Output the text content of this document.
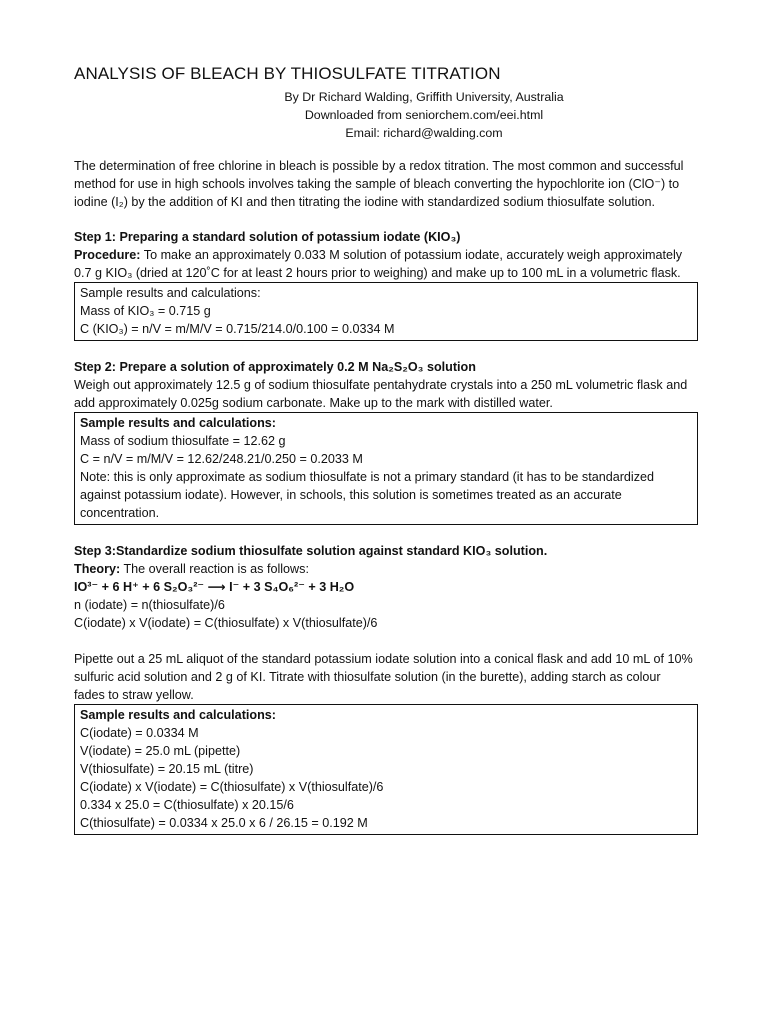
ANALYSIS OF BLEACH BY THIOSULFATE TITRATION
By Dr Richard Walding, Griffith University, Australia
Downloaded from seniorchem.com/eei.html
Email: richard@walding.com

The determination of free chlorine in bleach is possible by a redox titration. The most common and successful method for use in high schools involves taking the sample of bleach converting the hypochlorite ion (ClO⁻) to iodine (I₂) by the addition of KI and then titrating the iodine with standardized sodium thiosulfate solution.

Step 1: Preparing a standard solution of potassium iodate (KIO₃)

Procedure: To make an approximately 0.033 M solution of potassium iodate, accurately weigh approximately 0.7 g KIO₃ (dried at 120˚C for at least 2 hours prior to weighing) and make up to 100 mL in a volumetric flask.

Sample results and calculations:
Mass of KIO₃ = 0.715 g
C (KIO₃) = n/V = m/M/V = 0.715/214.0/0.100 = 0.0334 M

Step 2: Prepare a solution of approximately 0.2 M Na₂S₂O₃ solution

Weigh out approximately 12.5 g of sodium thiosulfate pentahydrate crystals into a 250 mL volumetric flask and add approximately 0.025g sodium carbonate. Make up to the mark with distilled water.

Sample results and calculations:
Mass of sodium thiosulfate = 12.62 g
C = n/V = m/M/V = 12.62/248.21/0.250 = 0.2033 M
Note: this is only approximate as sodium thiosulfate is not a primary standard (it has to be standardized against potassium iodate). However, in schools, this solution is sometimes treated as an accurate concentration.

Step 3:Standardize sodium thiosulfate solution against standard KIO₃ solution.

Theory: The overall reaction is as follows:

IO³⁻ + 6 H⁺ + 6 S₂O₃²⁻ ⟶ I⁻ + 3 S₄O₆²⁻ + 3 H₂O

n (iodate) = n(thiosulfate)/6

C(iodate) x V(iodate) = C(thiosulfate) x V(thiosulfate)/6

Pipette out a 25 mL aliquot of the standard potassium iodate solution into a conical flask and add 10 mL of 10% sulfuric acid solution and 2 g of KI. Titrate with thiosulfate solution (in the burette), adding starch as colour fades to straw yellow.

Sample results and calculations:
C(iodate) = 0.0334 M
V(iodate) = 25.0 mL (pipette)
V(thiosulfate) = 20.15 mL (titre)
C(iodate) x V(iodate) = C(thiosulfate) x V(thiosulfate)/6
0.334 x 25.0 = C(thiosulfate) x 20.15/6
C(thiosulfate) = 0.0334 x 25.0 x 6 / 26.15 = 0.192 M
